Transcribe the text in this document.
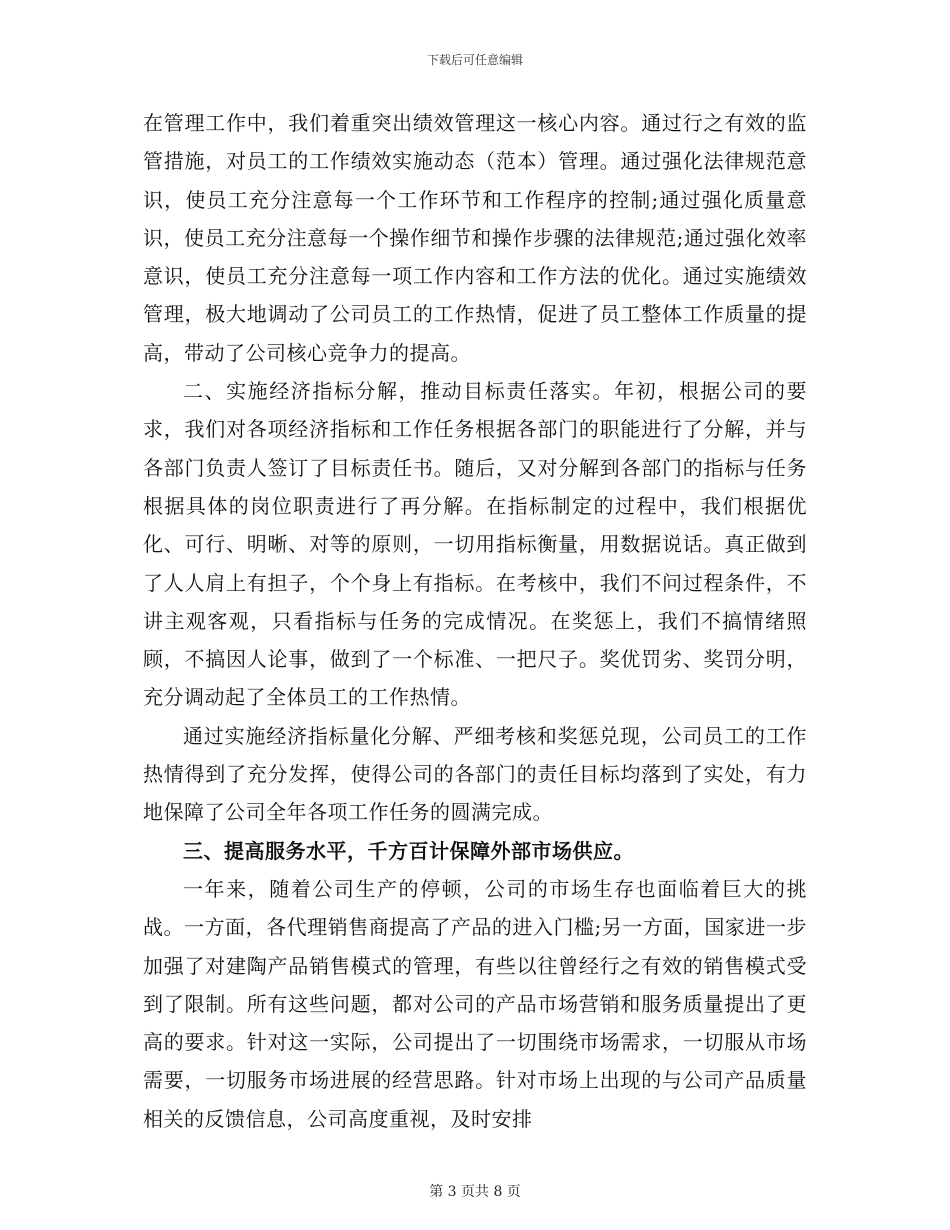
下载后可任意编辑

在管理工作中，我们着重突出绩效管理这一核心内容。通过行之有效的监管措施，对员工的工作绩效实施动态（范本）管理。通过强化法律规范意识，使员工充分注意每一个工作环节和工作程序的控制;通过强化质量意识，使员工充分注意每一个操作细节和操作步骤的法律规范;通过强化效率意识，使员工充分注意每一项工作内容和工作方法的优化。通过实施绩效管理，极大地调动了公司员工的工作热情，促进了员工整体工作质量的提高，带动了公司核心竞争力的提高。

二、实施经济指标分解，推动目标责任落实。年初，根据公司的要求，我们对各项经济指标和工作任务根据各部门的职能进行了分解，并与各部门负责人签订了目标责任书。随后，又对分解到各部门的指标与任务根据具体的岗位职责进行了再分解。在指标制定的过程中，我们根据优化、可行、明晰、对等的原则，一切用指标衡量，用数据说话。真正做到了人人肩上有担子，个个身上有指标。在考核中，我们不问过程条件，不讲主观客观，只看指标与任务的完成情况。在奖惩上，我们不搞情绪照顾，不搞因人论事，做到了一个标准、一把尺子。奖优罚劣、奖罚分明，充分调动起了全体员工的工作热情。

通过实施经济指标量化分解、严细考核和奖惩兑现，公司员工的工作热情得到了充分发挥，使得公司的各部门的责任目标均落到了实处，有力地保障了公司全年各项工作任务的圆满完成。

三、提高服务水平，千方百计保障外部市场供应。

一年来，随着公司生产的停顿，公司的市场生存也面临着巨大的挑战。一方面，各代理销售商提高了产品的进入门槛;另一方面，国家进一步加强了对建陶产品销售模式的管理，有些以往曾经行之有效的销售模式受到了限制。所有这些问题，都对公司的产品市场营销和服务质量提出了更高的要求。针对这一实际，公司提出了一切围绕市场需求，一切服从市场需要，一切服务市场进展的经营思路。针对市场上出现的与公司产品质量相关的反馈信息，公司高度重视，及时安排

第 3 页共 8 页
